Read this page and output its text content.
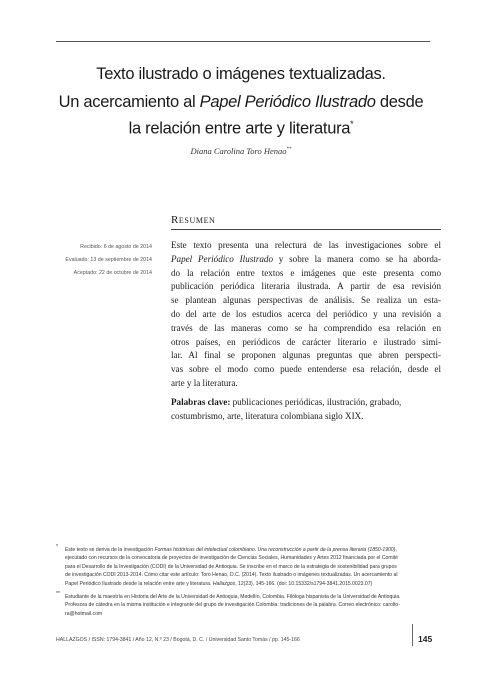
Texto ilustrado o imágenes textualizadas.
Un acercamiento al Papel Periódico Ilustrado desde
la relación entre arte y literatura*
Diana Carolina Toro Henao**
Resumen
Recibido: 6 de agosto de 2014
Evaluado: 13 de septiembre de 2014
Aceptado: 22 de octubre de 2014
Este texto presenta una relectura de las investigaciones sobre el
Papel Periódico Ilustrado y sobre la manera como se ha aborda-
do la relación entre textos e imágenes que este presenta como
publicación periódica literaria ilustrada. A partir de esa revisión
se plantean algunas perspectivas de análisis. Se realiza un esta-
do del arte de los estudios acerca del periódico y una revisión a
través de las maneras como se ha comprendido esa relación en
otros países, en periódicos de carácter literario e ilustrado simi-
lar. Al final se proponen algunas preguntas que abren perspecti-
vas sobre el modo como puede entenderse esa relación, desde el
arte y la literatura.
Palabras clave: publicaciones periódicas, ilustración, grabado,
costumbrismo, arte, literatura colombiana siglo XIX.
* Este texto se deriva de la investigación Formas históricas del intelectual colombiano. Una reconstrucción a partir de la prensa literaria (1850-1900),
ejecutado con recursos de la convocatoria de proyectos de investigación de Ciencias Sociales, Humanidades y Artes 2012 financiada por el Comité
para el Desarrollo de la Investigación (CODI) de la Universidad de Antioquia. Se inscribe en el marco de la estrategia de sostenibilidad para grupos
de investigación CODI 2013-2014. Cómo citar este artículo: Toro Henao, D.C. (2014). Texto ilustrado o imágenes textualizadas. Un acercamiento al
Papel Periódico Ilustrado desde la relación entre arte y literatura. Hallazgos, 12(23), 145-166. (doi: 10.15332/s1794-3841.2015.0023.07)
** Estudiante de la maestría en Historia del Arte de la Universidad de Antioquia, Medellín, Colombia. Filóloga hispanista de la Universidad de Antioquia.
Profesora de cátedra en la misma institución e integrante del grupo de investigación Colombia: tradiciones de la palabra. Correo electrónico: carolto-
ra@hotmail.com
HALLAZGOS / ISSN: 1794-3841 / Año 12, N.º 23 / Bogotá, D. C. / Universidad Santo Tomás / pp. 145-166	145
